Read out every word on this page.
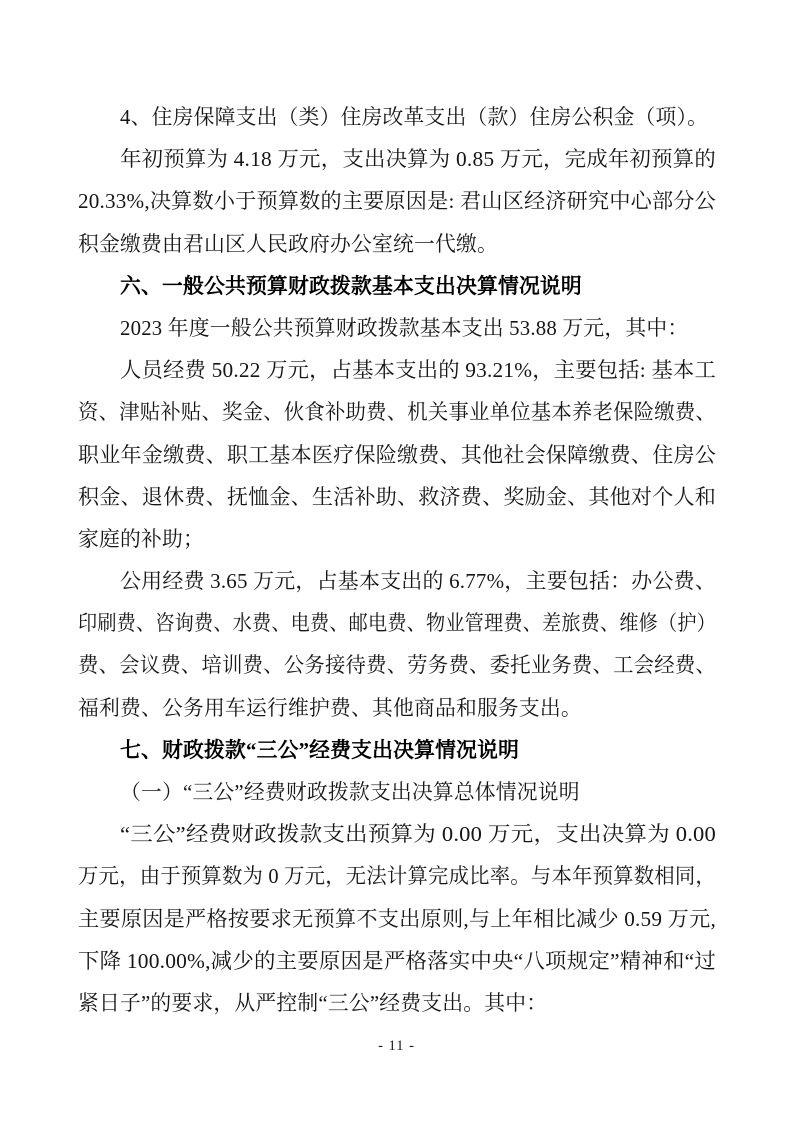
4、住房保障支出（类）住房改革支出（款）住房公积金（项）。
年初预算为 4.18 万元，支出决算为 0.85 万元，完成年初预算的
20.33%,决算数小于预算数的主要原因是: 君山区经济研究中心部分公
积金缴费由君山区人民政府办公室统一代缴。
六、一般公共预算财政拨款基本支出决算情况说明
2023 年度一般公共预算财政拨款基本支出 53.88 万元，其中：
人员经费 50.22 万元，占基本支出的 93.21%，主要包括: 基本工
资、津贴补贴、奖金、伙食补助费、机关事业单位基本养老保险缴费、
职业年金缴费、职工基本医疗保险缴费、其他社会保障缴费、住房公
积金、退休费、抚恤金、生活补助、救济费、奖励金、其他对个人和
家庭的补助；
公用经费 3.65 万元，占基本支出的 6.77%，主要包括：办公费、
印刷费、咨询费、水费、电费、邮电费、物业管理费、差旅费、维修（护）
费、会议费、培训费、公务接待费、劳务费、委托业务费、工会经费、
福利费、公务用车运行维护费、其他商品和服务支出。
七、财政拨款“三公”经费支出决算情况说明
（一）“三公”经费财政拨款支出决算总体情况说明
“三公”经费财政拨款支出预算为 0.00 万元，支出决算为 0.00
万元，由于预算数为 0 万元，无法计算完成比率。与本年预算数相同，
主要原因是严格按要求无预算不支出原则,与上年相比减少 0.59 万元,
下降 100.00%,减少的主要原因是严格落实中央“八项规定”精神和“过
紧日子”的要求，从严控制“三公”经费支出。其中：
- 11 -
